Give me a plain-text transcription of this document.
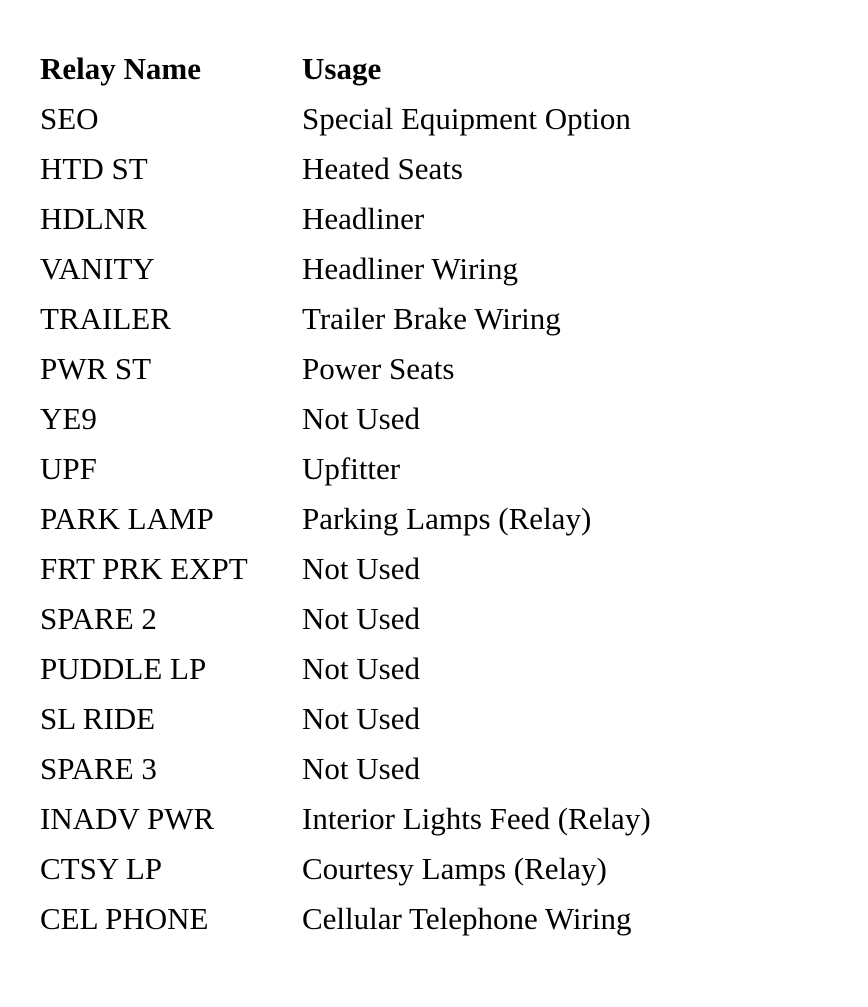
Relay Name	Usage
SEO	Special Equipment Option
HTD ST	Heated Seats
HDLNR	Headliner
VANITY	Headliner Wiring
TRAILER	Trailer Brake Wiring
PWR ST	Power Seats
YE9	Not Used
UPF	Upfitter
PARK LAMP	Parking Lamps (Relay)
FRT PRK EXPT	Not Used
SPARE 2	Not Used
PUDDLE LP	Not Used
SL RIDE	Not Used
SPARE 3	Not Used
INADV PWR	Interior Lights Feed (Relay)
CTSY LP	Courtesy Lamps (Relay)
CEL PHONE	Cellular Telephone Wiring
